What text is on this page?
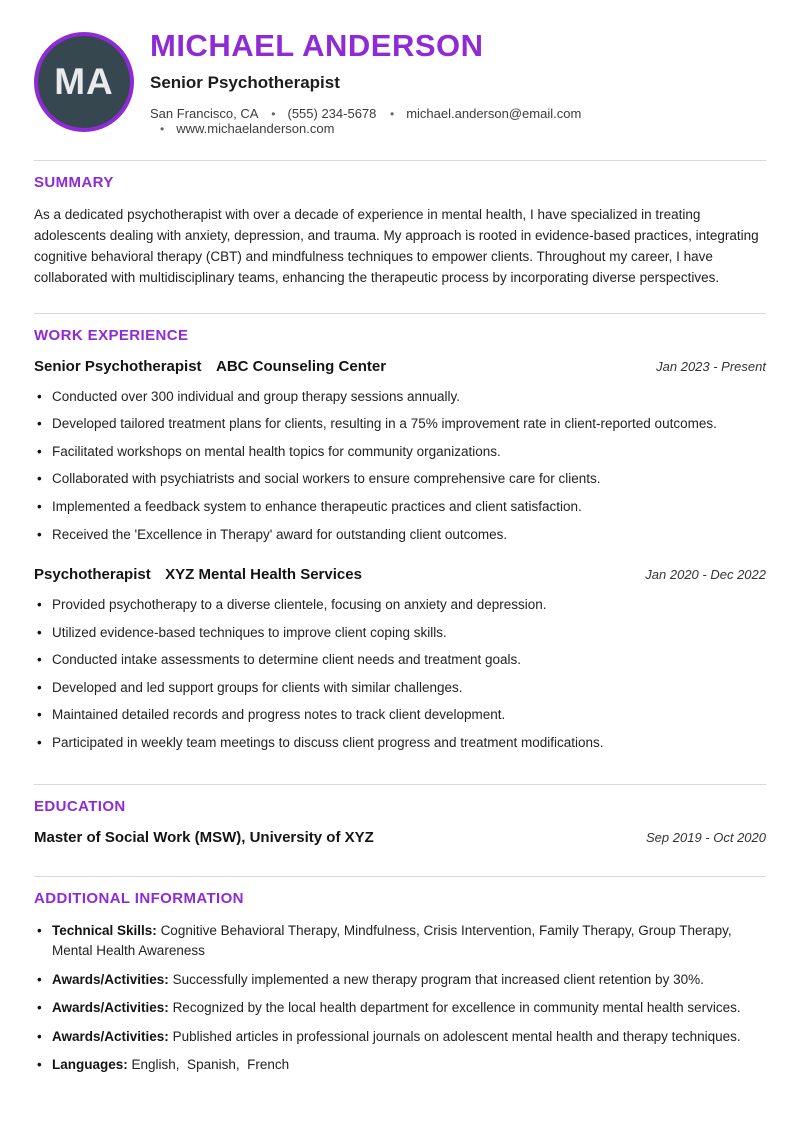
MA
MICHAEL ANDERSON
Senior Psychotherapist
San Francisco, CA • (555) 234-5678 • michael.anderson@email.com • www.michaelanderson.com
SUMMARY

As a dedicated psychotherapist with over a decade of experience in mental health, I have specialized in treating adolescents dealing with anxiety, depression, and trauma. My approach is rooted in evidence-based practices, integrating cognitive behavioral therapy (CBT) and mindfulness techniques to empower clients. Throughout my career, I have collaborated with multidisciplinary teams, enhancing the therapeutic process by incorporating diverse perspectives.

WORK EXPERIENCE
Senior Psychotherapist ABC Counseling Center	Jan 2023 - Present
• Conducted over 300 individual and group therapy sessions annually.
• Developed tailored treatment plans for clients, resulting in a 75% improvement rate in client-reported outcomes.
• Facilitated workshops on mental health topics for community organizations.
• Collaborated with psychiatrists and social workers to ensure comprehensive care for clients.
• Implemented a feedback system to enhance therapeutic practices and client satisfaction.
• Received the 'Excellence in Therapy' award for outstanding client outcomes.
Psychotherapist XYZ Mental Health Services	Jan 2020 - Dec 2022
• Provided psychotherapy to a diverse clientele, focusing on anxiety and depression.
• Utilized evidence-based techniques to improve client coping skills.
• Conducted intake assessments to determine client needs and treatment goals.
• Developed and led support groups for clients with similar challenges.
• Maintained detailed records and progress notes to track client development.
• Participated in weekly team meetings to discuss client progress and treatment modifications.
EDUCATION
Master of Social Work (MSW), University of XYZ	Sep 2019 - Oct 2020
ADDITIONAL INFORMATION
• Technical Skills: Cognitive Behavioral Therapy, Mindfulness, Crisis Intervention, Family Therapy, Group Therapy, Mental Health Awareness
• Awards/Activities: Successfully implemented a new therapy program that increased client retention by 30%.
• Awards/Activities: Recognized by the local health department for excellence in community mental health services.
• Awards/Activities: Published articles in professional journals on adolescent mental health and therapy techniques.
• Languages: English,  Spanish,  French
